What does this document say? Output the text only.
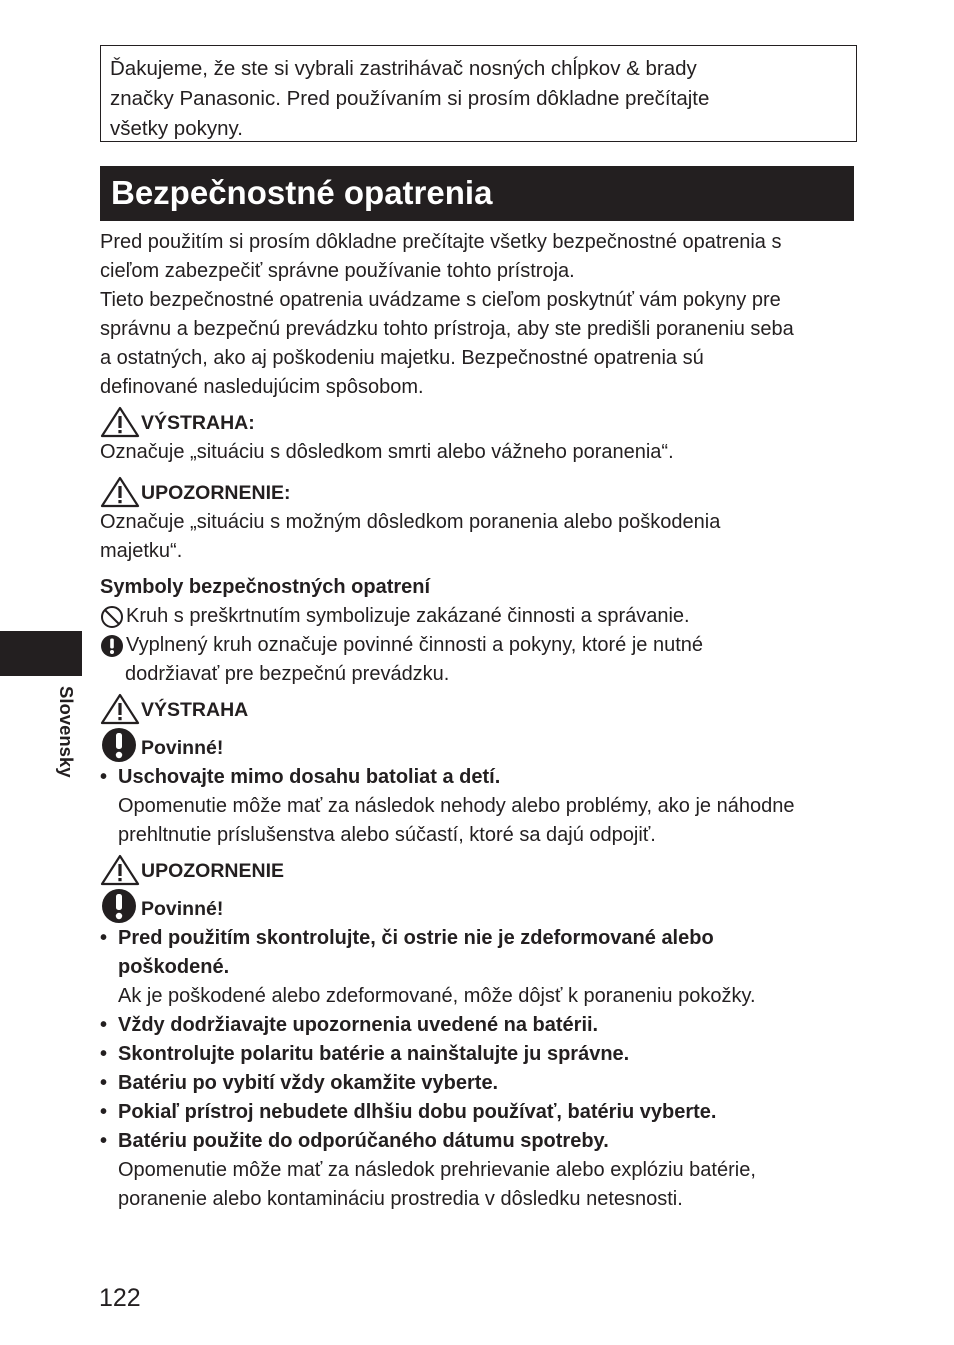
Ďakujeme, že ste si vybrali zastrihávač nosných chĺpkov & brady

značky Panasonic. Pred používaním si prosím dôkladne prečítajte

všetky pokyny.

Bezpečnostné opatrenia
Slovensky

Pred použitím si prosím dôkladne prečítajte všetky bezpečnostné opatrenia s

cieľom zabezpečiť správne používanie tohto prístroja.

Tieto bezpečnostné opatrenia uvádzame s cieľom poskytnúť vám pokyny pre

správnu a bezpečnú prevádzku tohto prístroja, aby ste predišli poraneniu seba

a ostatných, ako aj poškodeniu majetku. Bezpečnostné opatrenia sú

definované nasledujúcim spôsobom.

VÝSTRAHA:

Označuje „situáciu s dôsledkom smrti alebo vážneho poranenia“.

UPOZORNENIE:

Označuje „situáciu s možným dôsledkom poranenia alebo poškodenia

majetku“.

Symboly bezpečnostných opatrení

Kruh s preškrtnutím symbolizuje zakázané činnosti a správanie.
Vyplnený kruh označuje povinné činnosti a pokyny, ktoré je nutné

dodržiavať pre bezpečnú prevádzku.

VÝSTRAHA
Povinné!
• Uschovajte mimo dosahu batoliat a detí.

Opomenutie môže mať za následok nehody alebo problémy, ako je náhodne

prehltnutie príslušenstva alebo súčastí, ktoré sa dajú odpojiť.

UPOZORNENIE
Povinné!
• Pred použitím skontrolujte, či ostrie nie je zdeformované alebo

poškodené.

Ak je poškodené alebo zdeformované, môže dôjsť k poraneniu pokožky.

• Vždy dodržiavajte upozornenia uvedené na batérii.

• Skontrolujte polaritu batérie a nainštalujte ju správne.

• Batériu po vybití vždy okamžite vyberte.

• Pokiaľ prístroj nebudete dlhšiu dobu používať, batériu vyberte.

• Batériu použite do odporúčaného dátumu spotreby.

Opomenutie môže mať za následok prehrievanie alebo explóziu batérie,

poranenie alebo kontamináciu prostredia v dôsledku netesnosti.

122
